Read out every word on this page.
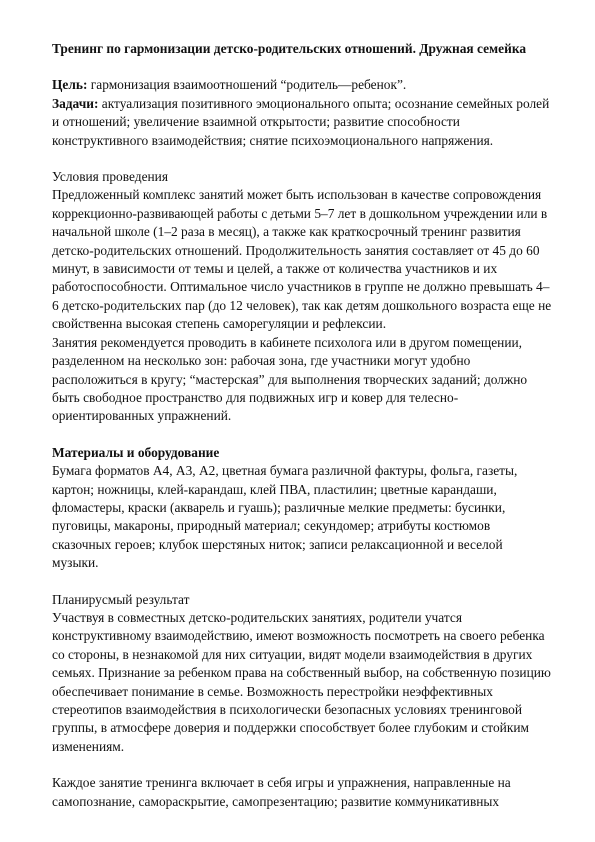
Тренинг по гармонизации детско-родительских отношений. Дружная семейка

Цель: гармонизация взаимоотношений “родитель—ребенок”.

Задачи: актуализация позитивного эмоционального опыта; осознание семейных ролей и отношений; увеличение взаимной открытости; развитие способности конструктивного взаимодействия; снятие психоэмоционального напряжения.

Условия проведения

Предложенный комплекс занятий может быть использован в качестве сопровождения коррекционно-развивающей работы с детьми 5–7 лет в дошкольном учреждении или в начальной школе (1–2 раза в месяц), а также как краткосрочный тренинг развития детско-родительских отношений. Продолжительность занятия составляет от 45 до 60 минут, в зависимости от темы и целей, а также от количества участников и их работоспособности. Оптимальное число участников в группе не должно превышать 4–6 детско-родительских пар (до 12 человек), так как детям дошкольного возраста еще не свойственна высокая степень саморегуляции и рефлексии.

Занятия рекомендуется проводить в кабинете психолога или в другом помещении, разделенном на несколько зон: рабочая зона, где участники могут удобно расположиться в кругу; “мастерская” для выполнения творческих заданий; должно быть свободное пространство для подвижных игр и ковер для телесно-ориентированных упражнений.

Материалы и оборудование

Бумага форматов А4, А3, А2, цветная бумага различной фактуры, фольга, газеты, картон; ножницы, клей-карандаш, клей ПВА, пластилин; цветные карандаши, фломастеры, краски (акварель и гуашь); различные мелкие предметы: бусинки, пуговицы, макароны, природный материал; секундомер; атрибуты костюмов сказочных героев; клубок шерстяных ниток; записи релаксационной и веселой музыки.

Планирусмый результат

Участвуя в совместных детско-родительских занятиях, родители учатся конструктивному взаимодействию, имеют возможность посмотреть на своего ребенка со стороны, в незнакомой для них ситуации, видят модели взаимодействия в других семьях. Признание за ребенком права на собственный выбор, на собственную позицию обеспечивает понимание в семье. Возможность перестройки неэффективных стереотипов взаимодействия в психологически безопасных условиях тренинговой группы, в атмосфере доверия и поддержки способствует более глубоким и стойким изменениям.

Каждое занятие тренинга включает в себя игры и упражнения, направленные на самопознание, самораскрытие, самопрезентацию; развитие коммуникативных
